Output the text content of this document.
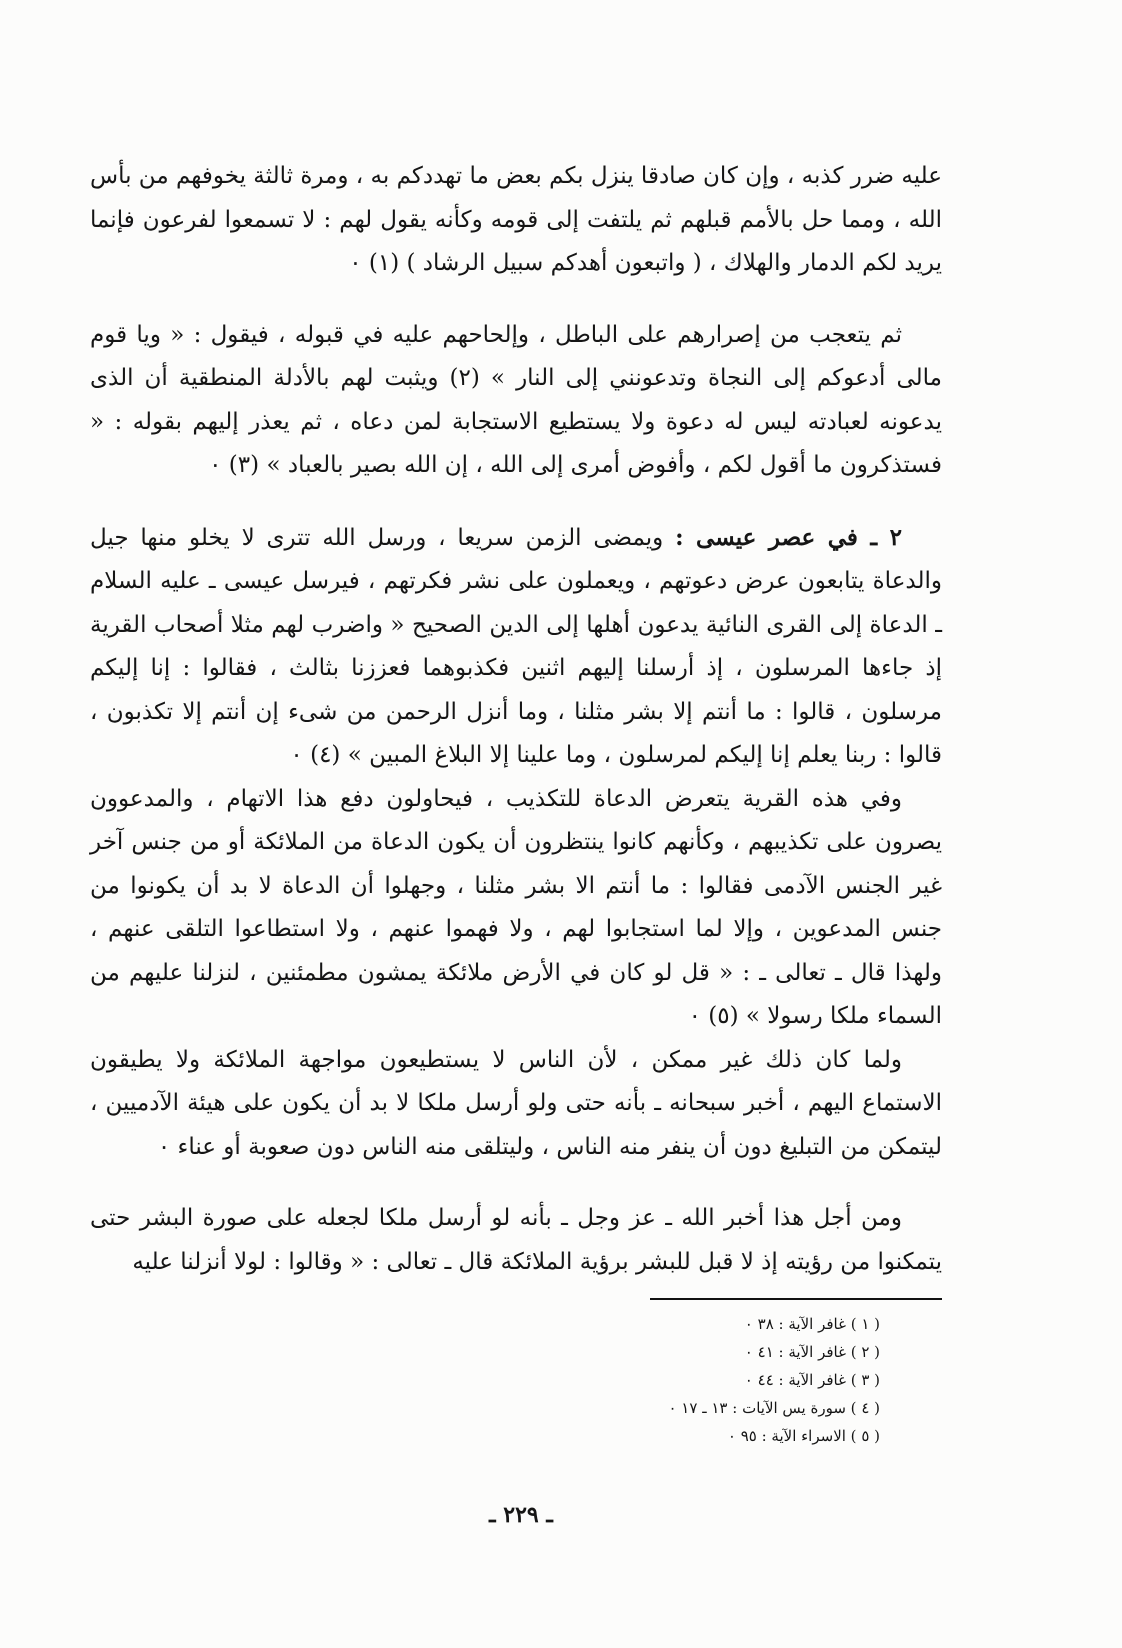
عليه ضرر كذبه ، وإن كان صادقا ينزل بكم بعض ما تهددكم به ، ومرة ثالثة يخوفهم من بأس الله ، ومما حل بالأمم قبلهم ثم يلتفت إلى قومه وكأنه يقول لهم : لا تسمعوا لفرعون فإنما يريد لكم الدمار والهلاك ، ( واتبعون أهدكم سبيل الرشاد ) (١) ٠

ثم يتعجب من إصرارهم على الباطل ، وإلحاحهم عليه في قبوله ، فيقول : « ويا قوم مالى أدعوكم إلى النجاة وتدعونني إلى النار » (٢) ويثبت لهم بالأدلة المنطقية أن الذى يدعونه لعبادته ليس له دعوة ولا يستطيع الاستجابة لمن دعاه ، ثم يعذر إليهم بقوله : « فستذكرون ما أقول لكم ، وأفوض أمرى إلى الله ، إن الله بصير بالعباد » (٣) ٠

٢ ـ في عصر عيسى : ويمضى الزمن سريعا ، ورسل الله تترى لا يخلو منها جيل والدعاة يتابعون عرض دعوتهم ، ويعملون على نشر فكرتهم ، فيرسل عيسى ـ عليه السلام ـ الدعاة إلى القرى النائية يدعون أهلها إلى الدين الصحيح « واضرب لهم مثلا أصحاب القرية إذ جاءها المرسلون ، إذ أرسلنا إليهم اثنين فكذبوهما فعززنا بثالث ، فقالوا : إنا إليكم مرسلون ، قالوا : ما أنتم إلا بشر مثلنا ، وما أنزل الرحمن من شىء إن أنتم إلا تكذبون ، قالوا : ربنا يعلم إنا إليكم لمرسلون ، وما علينا إلا البلاغ المبين » (٤) ٠

وفي هذه القرية يتعرض الدعاة للتكذيب ، فيحاولون دفع هذا الاتهام ، والمدعوون يصرون على تكذيبهم ، وكأنهم كانوا ينتظرون أن يكون الدعاة من الملائكة أو من جنس آخر غير الجنس الآدمى فقالوا : ما أنتم الا بشر مثلنا ، وجهلوا أن الدعاة لا بد أن يكونوا من جنس المدعوين ، وإلا لما استجابوا لهم ، ولا فهموا عنهم ، ولا استطاعوا التلقى عنهم ، ولهذا قال ـ تعالى ـ : « قل لو كان في الأرض ملائكة يمشون مطمئنين ، لنزلنا عليهم من السماء ملكا رسولا » (٥) ٠

ولما كان ذلك غير ممكن ، لأن الناس لا يستطيعون مواجهة الملائكة ولا يطيقون الاستماع اليهم ، أخبر سبحانه ـ بأنه حتى ولو أرسل ملكا لا بد أن يكون على هيئة الآدميين ، ليتمكن من التبليغ دون أن ينفر منه الناس ، وليتلقى منه الناس دون صعوبة أو عناء ٠

ومن أجل هذا أخبر الله ـ عز وجل ـ بأنه لو أرسل ملكا لجعله على صورة البشر حتى يتمكنوا من رؤيته إذ لا قبل للبشر برؤية الملائكة قال ـ تعالى : « وقالوا : لولا أنزلنا عليه

( ١ ) غافر الآية : ٣٨ ٠
( ٢ ) غافر الآية : ٤١ ٠
( ٣ ) غافر الآية : ٤٤ ٠
( ٤ ) سورة يس الآيات : ١٣ ـ ١٧ ٠
( ٥ ) الاسراء الآية : ٩٥ ٠
ـ ٢٢٩ ـ
